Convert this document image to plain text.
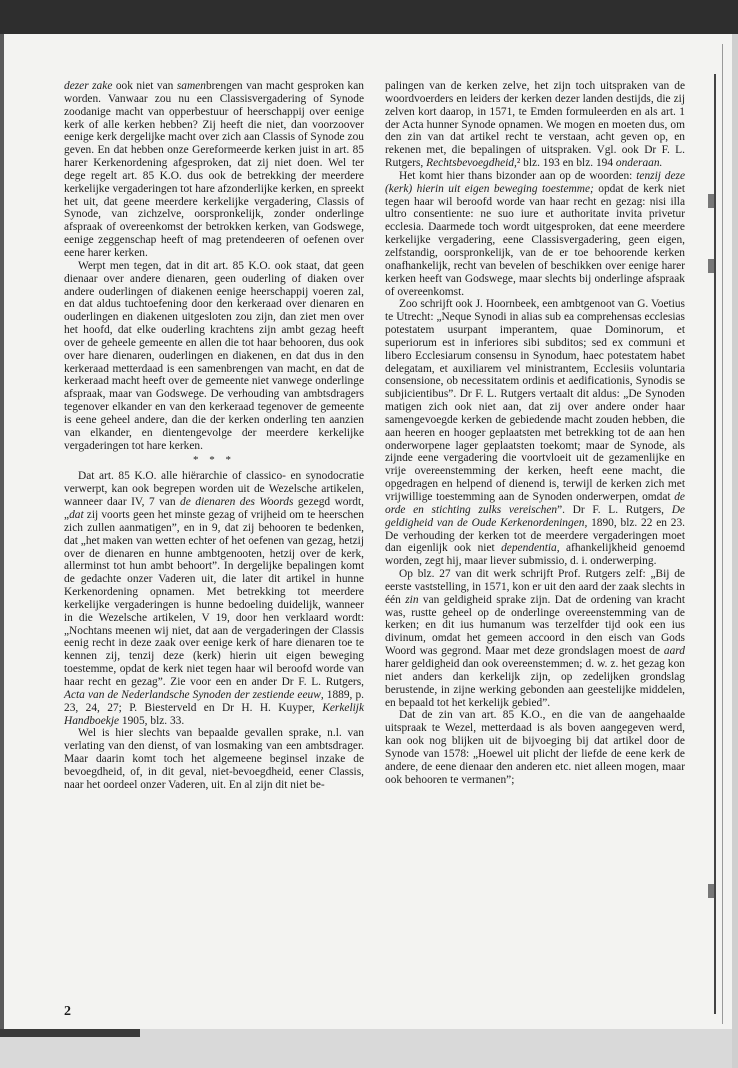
dezer zake ook niet van samenbrengen van macht gesproken kan worden. Vanwaar zou nu een Classisvergadering of Synode zoodanige macht van opperbestuur of heerschappij over eenige kerk of alle kerken hebben? Zij heeft die niet, dan voorzoover eenige kerk dergelijke macht over zich aan Classis of Synode zou geven. En dat hebben onze Gereformeerde kerken juist in art. 85 harer Kerkenordening afgesproken, dat zij niet doen. Wel ter dege regelt art. 85 K.O. dus ook de betrekking der meerdere kerkelijke vergaderingen tot hare afzonderlijke kerken, en spreekt het uit, dat geene meerdere kerkelijke vergadering, Classis of Synode, van zichzelve, oorspronkelijk, zonder onderlinge afspraak of overeenkomst der betrokken kerken, van Godswege, eenige zeggenschap heeft of mag pretendeeren of oefenen over eene harer kerken.

Werpt men tegen, dat in dit art. 85 K.O. ook staat, dat geen dienaar over andere dienaren, geen ouderling of diaken over andere ouderlingen of diakenen eenige heerschappij voeren zal, en dat aldus tuchtoefening door den kerkeraad over dienaren en ouderlingen en diakenen uitgesloten zou zijn, dan ziet men over het hoofd, dat elke ouderling krachtens zijn ambt gezag heeft over de geheele gemeente en allen die tot haar behooren, dus ook over hare dienaren, ouderlingen en diakenen, en dat dus in den kerkeraad metterdaad is een samenbrengen van macht, en dat de kerkeraad macht heeft over de gemeente niet vanwege onderlinge afspraak, maar van Godswege. De verhouding van ambtsdragers tegenover elkander en van den kerkeraad tegenover de gemeente is eene geheel andere, dan die der kerken onderling ten aanzien van elkander, en dientengevolge der meerdere kerkelijke vergaderingen tot hare kerken.

* * *

Dat art. 85 K.O. alle hiërarchie of classico- en synodocratie verwerpt, kan ook begrepen worden uit de Wezelsche artikelen, wanneer daar IV, 7 van de dienaren des Woords gezegd wordt, „dat zij voorts geen het minste gezag of vrijheid om te heerschen zich zullen aanmatigen”, en in 9, dat zij behooren te bedenken, dat „het maken van wetten echter of het oefenen van gezag, hetzij over de dienaren en hunne ambtgenooten, hetzij over de kerk, allerminst tot hun ambt behoort”. In dergelijke bepalingen komt de gedachte onzer Vaderen uit, die later dit artikel in hunne Kerkenordening opnamen. Met betrekking tot meerdere kerkelijke vergaderingen is hunne bedoeling duidelijk, wanneer in die Wezelsche artikelen, V 19, door hen verklaard wordt: „Nochtans meenen wij niet, dat aan de vergaderingen der Classis eenig recht in deze zaak over eenige kerk of hare dienaren toe te kennen zij, tenzij deze (kerk) hierin uit eigen beweging toestemme, opdat de kerk niet tegen haar wil beroofd worde van haar recht en gezag”. Zie voor een en ander Dr F. L. Rutgers, Acta van de Nederlandsche Synoden der zestiende eeuw, 1889, p. 23, 24, 27; P. Biesterveld en Dr H. H. Kuyper, Kerkelijk Handboekje 1905, blz. 33.

Wel is hier slechts van bepaalde gevallen sprake, n.l. van verlating van den dienst, of van losmaking van een ambtsdrager. Maar daarin komt toch het algemeene beginsel inzake de bevoegdheid, of, in dit geval, niet-bevoegdheid, eener Classis, naar het oordeel onzer Vaderen, uit. En al zijn dit niet be-

palingen van de kerken zelve, het zijn toch uitspraken van de woordvoerders en leiders der kerken dezer landen destijds, die zij zelven kort daarop, in 1571, te Emden formuleerden en als art. 1 der Acta hunner Synode opnamen. We mogen en moeten dus, om den zin van dat artikel recht te verstaan, acht geven op, en rekenen met, die bepalingen of uitspraken. Vgl. ook Dr F. L. Rutgers, Rechtsbevoegdheid,² blz. 193 en blz. 194 onderaan.

Het komt hier thans bizonder aan op de woorden: tenzij deze (kerk) hierin uit eigen beweging toestemme; opdat de kerk niet tegen haar wil beroofd worde van haar recht en gezag: nisi illa ultro consentiente: ne suo iure et authoritate invita privetur ecclesia. Daarmede toch wordt uitgesproken, dat eene meerdere kerkelijke vergadering, eene Classisvergadering, geen eigen, zelfstandig, oorspronkelijk, van de er toe behoorende kerken onafhankelijk, recht van bevelen of beschikken over eenige harer kerken heeft van Godswege, maar slechts bij onderlinge afspraak of overeenkomst.

Zoo schrijft ook J. Hoornbeek, een ambtgenoot van G. Voetius te Utrecht: „Neque Synodi in alias sub ea comprehensas ecclesias potestatem usurpant imperantem, quae Dominorum, et superiorum est in inferiores sibi subditos; sed ex communi et libero Ecclesiarum consensu in Synodum, haec potestatem habet delegatam, et auxiliarem vel ministrantem, Ecclesiis voluntaria consensione, ob necessitatem ordinis et aedificationis, Synodis se subjicientibus”. Dr F. L. Rutgers vertaalt dit aldus: „De Synoden matigen zich ook niet aan, dat zij over andere onder haar samengevoegde kerken de gebiedende macht zouden hebben, die aan heeren en hooger geplaatsten met betrekking tot de aan hen onderworpene lager geplaatsten toekomt; maar de Synode, als zijnde eene vergadering die voortvloeit uit de gezamenlijke en vrije overeenstemming der kerken, heeft eene macht, die opgedragen en helpend of dienend is, terwijl de kerken zich met vrijwillige toestemming aan de Synoden onderwerpen, omdat de orde en stichting zulks vereischen”. Dr F. L. Rutgers, De geldigheid van de Oude Kerkenordeningen, 1890, blz. 22 en 23. De verhouding der kerken tot de meerdere vergaderingen moet dan eigenlijk ook niet dependentia, afhankelijkheid genoemd worden, zegt hij, maar liever submissio, d. i. onderwerping.

Op blz. 27 van dit werk schrijft Prof. Rutgers zelf: „Bij de eerste vaststelling, in 1571, kon er uit den aard der zaak slechts in één zin van geldigheid sprake zijn. Dat de ordening van kracht was, rustte geheel op de onderlinge overeenstemming van de kerken; en dit ius humanum was terzelfder tijd ook een ius divinum, omdat het gemeen accoord in den eisch van Gods Woord was gegrond. Maar met deze grondslagen moest de aard harer geldigheid dan ook overeenstemmen; d. w. z. het gezag kon niet anders dan kerkelijk zijn, op zedelijken grondslag berustende, in zijne werking gebonden aan geestelijke middelen, en bepaald tot het kerkelijk gebied”.

Dat de zin van art. 85 K.O., en die van de aangehaalde uitspraak te Wezel, metterdaad is als boven aangegeven werd, kan ook nog blijken uit de bijvoeging bij dat artikel door de Synode van 1578: „Hoewel uit plicht der liefde de eene kerk de andere, de eene dienaar den anderen etc. niet alleen mogen, maar ook behooren te vermanen”;

2
